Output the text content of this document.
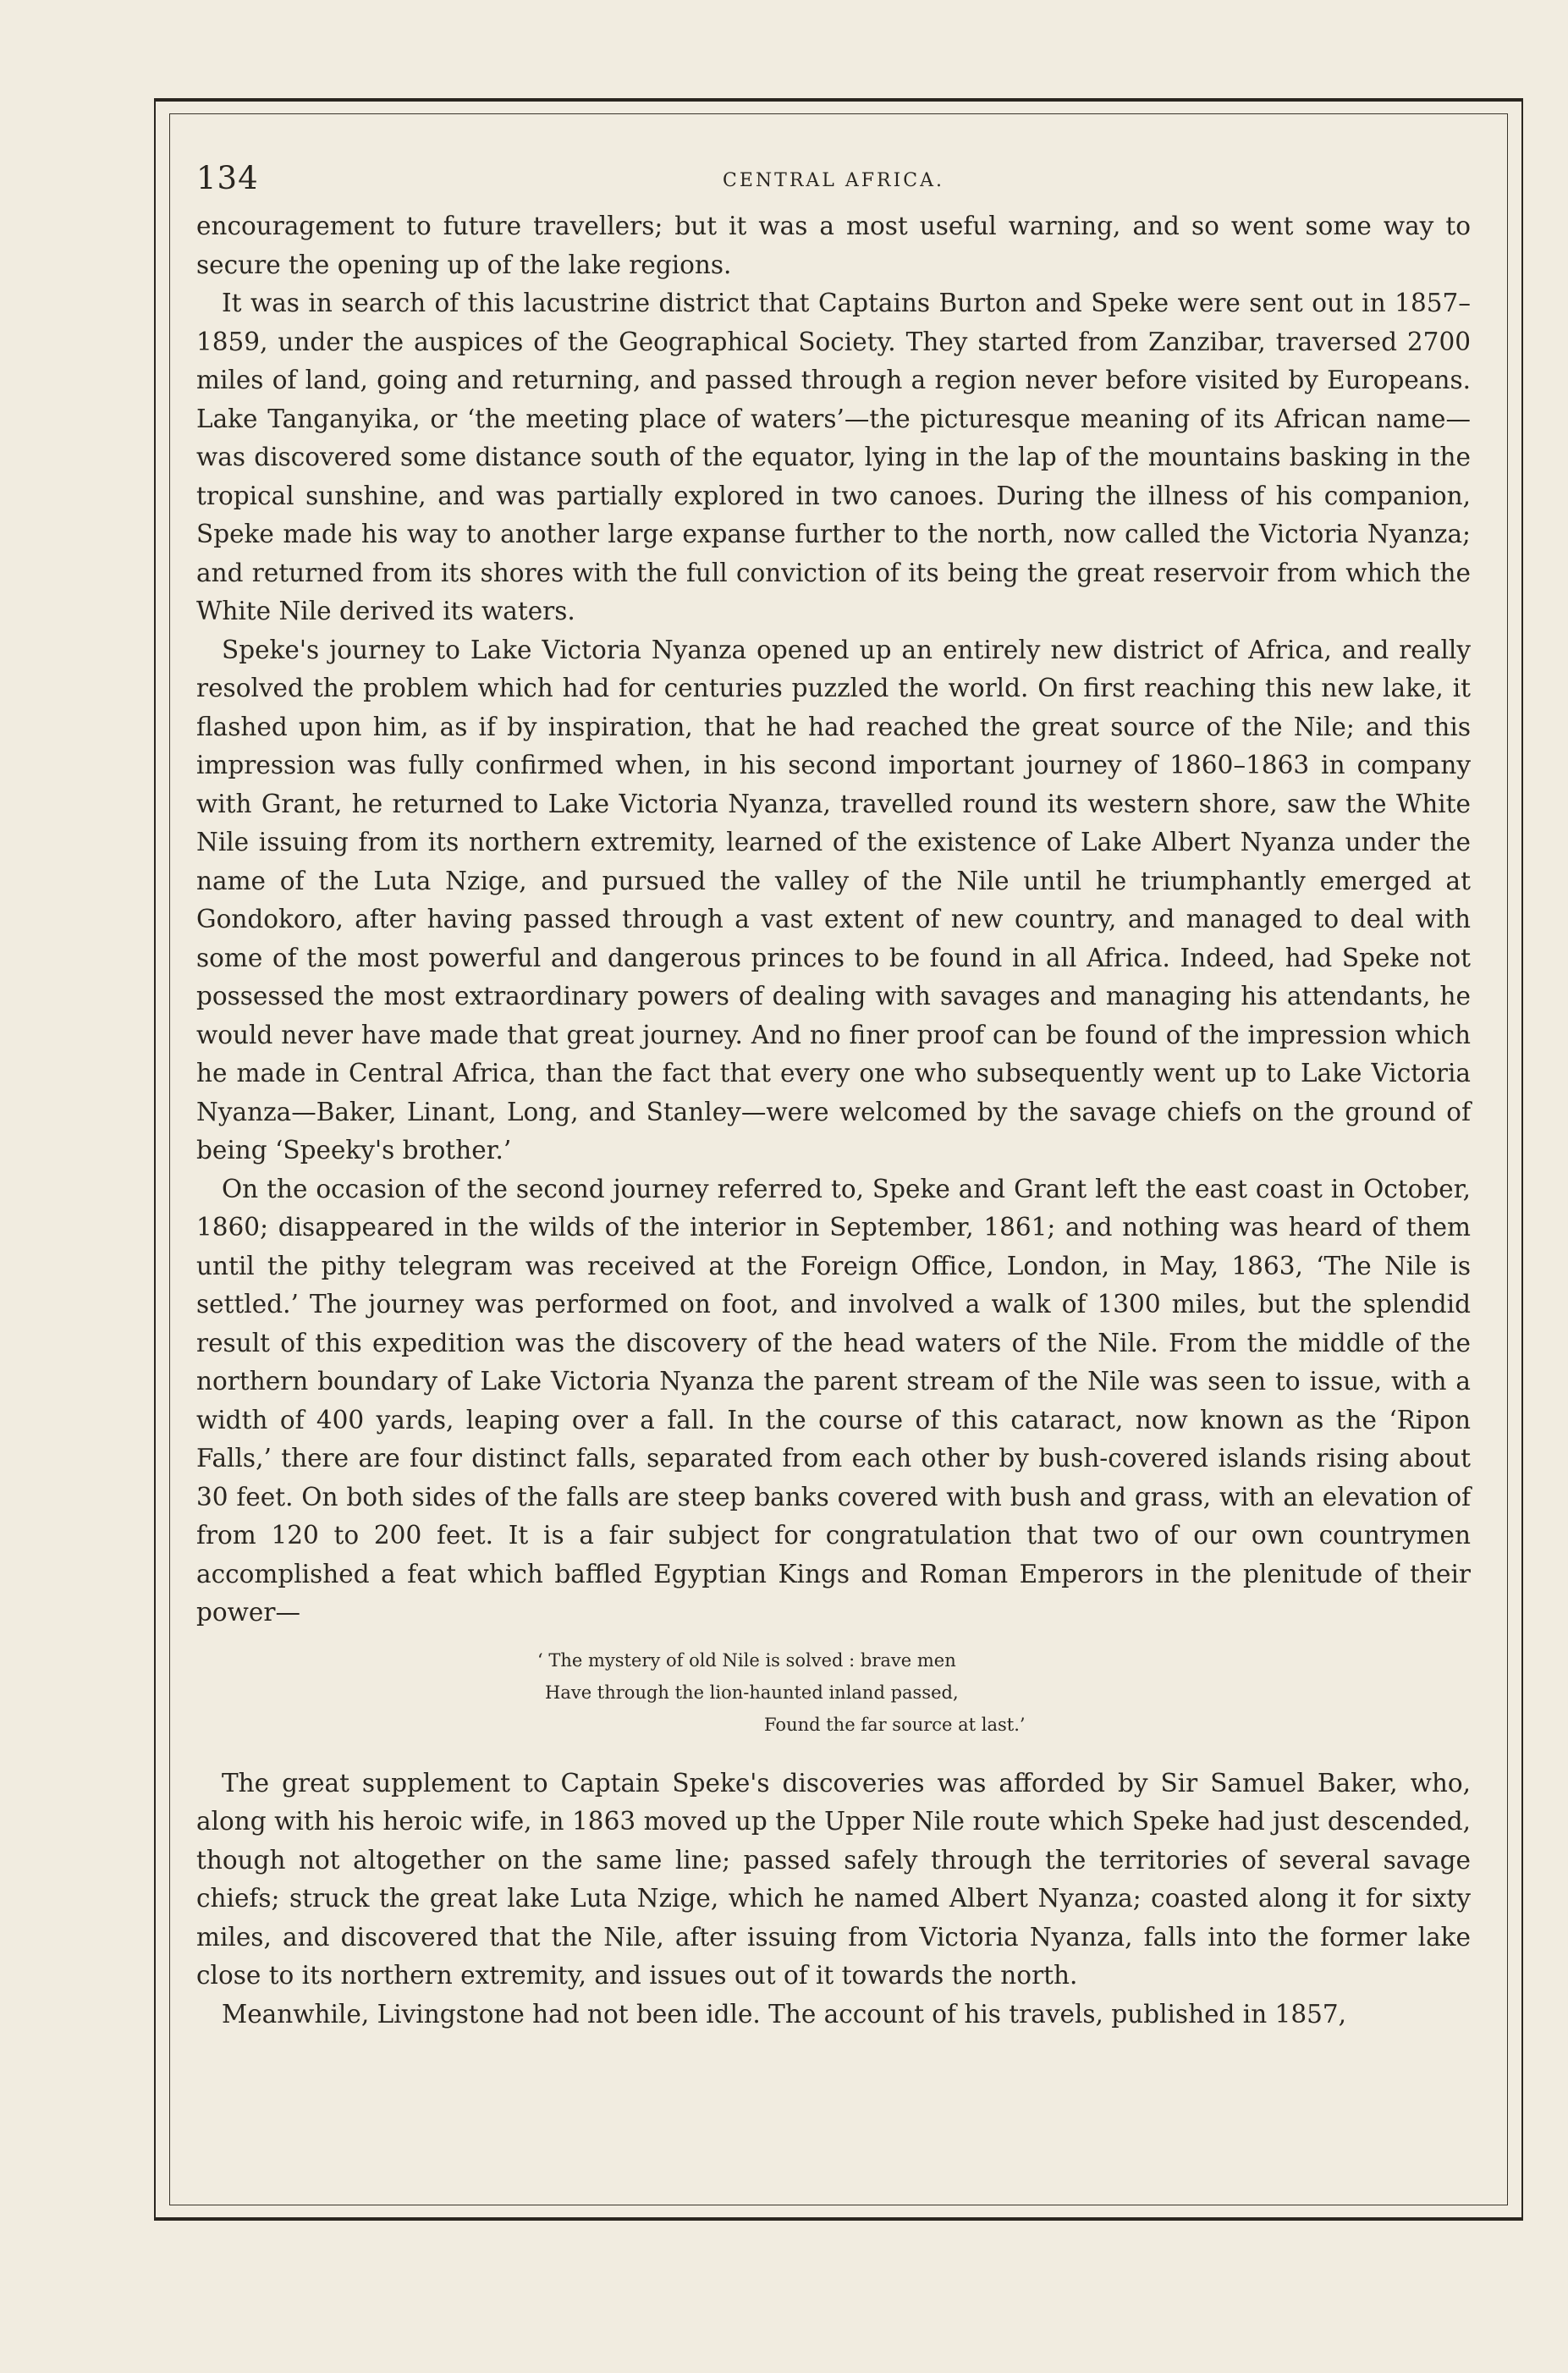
134	CENTRAL AFRICA.

encouragement to future travellers; but it was a most useful warning, and so went some way to secure the opening up of the lake regions.

It was in search of this lacustrine district that Captains Burton and Speke were sent out in 1857–1859, under the auspices of the Geographical Society. They started from Zanzibar, traversed 2700 miles of land, going and returning, and passed through a region never before visited by Europeans. Lake Tanganyika, or ‘the meeting place of waters’—the picturesque meaning of its African name—was discovered some distance south of the equator, lying in the lap of the mountains basking in the tropical sunshine, and was partially explored in two canoes. During the illness of his companion, Speke made his way to another large expanse further to the north, now called the Victoria Nyanza; and returned from its shores with the full conviction of its being the great reservoir from which the White Nile derived its waters.

Speke's journey to Lake Victoria Nyanza opened up an entirely new district of Africa, and really resolved the problem which had for centuries puzzled the world. On first reaching this new lake, it flashed upon him, as if by inspiration, that he had reached the great source of the Nile; and this impression was fully confirmed when, in his second important journey of 1860–1863 in company with Grant, he returned to Lake Victoria Nyanza, travelled round its western shore, saw the White Nile issuing from its northern extremity, learned of the existence of Lake Albert Nyanza under the name of the Luta Nzige, and pursued the valley of the Nile until he triumphantly emerged at Gondokoro, after having passed through a vast extent of new country, and managed to deal with some of the most powerful and dangerous princes to be found in all Africa. Indeed, had Speke not possessed the most extraordinary powers of dealing with savages and managing his attendants, he would never have made that great journey. And no finer proof can be found of the impression which he made in Central Africa, than the fact that every one who subsequently went up to Lake Victoria Nyanza—Baker, Linant, Long, and Stanley—were welcomed by the savage chiefs on the ground of being ‘Speeky's brother.’

On the occasion of the second journey referred to, Speke and Grant left the east coast in October, 1860; disappeared in the wilds of the interior in September, 1861; and nothing was heard of them until the pithy telegram was received at the Foreign Office, London, in May, 1863, ‘The Nile is settled.’ The journey was performed on foot, and involved a walk of 1300 miles, but the splendid result of this expedition was the discovery of the head waters of the Nile. From the middle of the northern boundary of Lake Victoria Nyanza the parent stream of the Nile was seen to issue, with a width of 400 yards, leaping over a fall. In the course of this cataract, now known as the ‘Ripon Falls,’ there are four distinct falls, separated from each other by bush-covered islands rising about 30 feet. On both sides of the falls are steep banks covered with bush and grass, with an elevation of from 120 to 200 feet. It is a fair subject for congratulation that two of our own countrymen accomplished a feat which baffled Egyptian Kings and Roman Emperors in the plenitude of their power—

‘ The mystery of old Nile is solved : brave men
Have through the lion-haunted inland passed,
Found the far source at last.’

The great supplement to Captain Speke's discoveries was afforded by Sir Samuel Baker, who, along with his heroic wife, in 1863 moved up the Upper Nile route which Speke had just descended, though not altogether on the same line; passed safely through the territories of several savage chiefs; struck the great lake Luta Nzige, which he named Albert Nyanza; coasted along it for sixty miles, and discovered that the Nile, after issuing from Victoria Nyanza, falls into the former lake close to its northern extremity, and issues out of it towards the north.

Meanwhile, Livingstone had not been idle. The account of his travels, published in 1857,
